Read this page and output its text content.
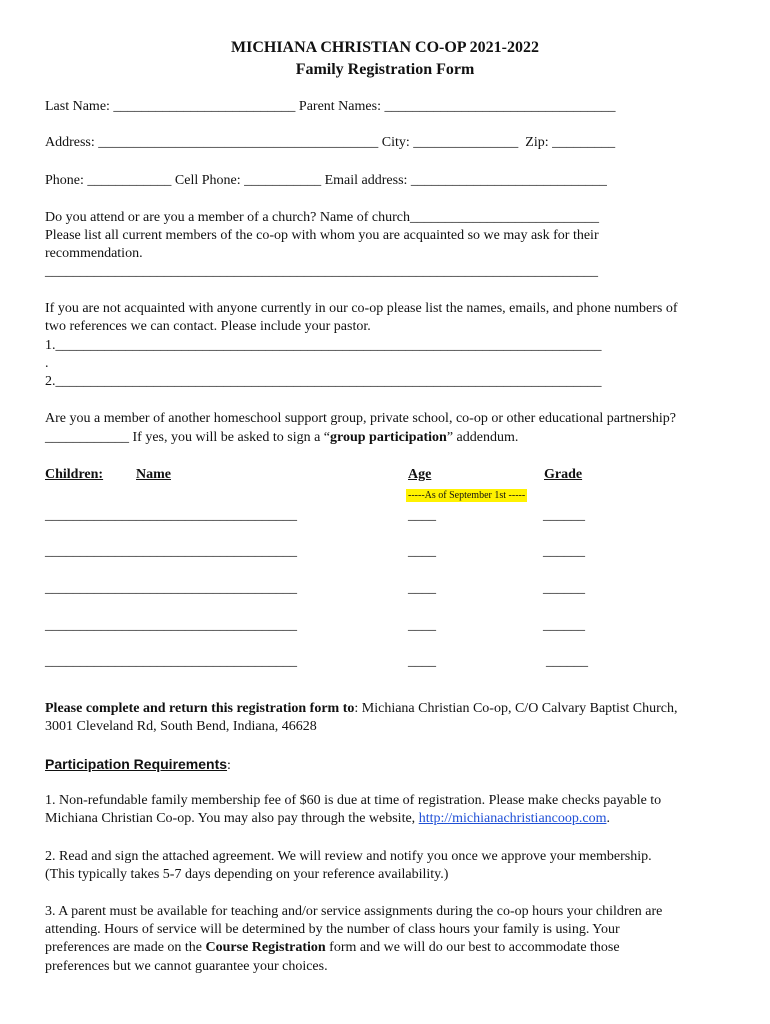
MICHIANA CHRISTIAN CO-OP 2021-2022
Family Registration Form
Last Name: __________________________ Parent Names: _________________________________
Address: ________________________________________ City: _______________  Zip: _________
Phone: ____________ Cell Phone: ___________ Email address: ____________________________
Do you attend or are you a member of a church? Name of church___________________________
Please list all current members of the co-op with whom you are acquainted so we may ask for their
recommendation.
_______________________________________________________________________________
If you are not acquainted with anyone currently in our co-op please list the names, emails, and phone numbers of
two references we can contact. Please include your pastor.
1.______________________________________________________________________________
.
2.______________________________________________________________________________
Are you a member of another homeschool support group, private school, co-op or other educational partnership?
____________ If yes, you will be asked to sign a “group participation” addendum.
Children: Name	Age	Grade
-----As of September 1st -----
____________________________________	____	______
____________________________________	____	______
____________________________________	____	______
____________________________________	____	______
____________________________________	____	______
Please complete and return this registration form to: Michiana Christian Co-op, C/O Calvary Baptist Church,
3001 Cleveland Rd, South Bend, Indiana, 46628
Participation Requirements:
1. Non-refundable family membership fee of $60 is due at time of registration. Please make checks payable to
Michiana Christian Co-op. You may also pay through the website, http://michianachristiancoop.com.
2. Read and sign the attached agreement. We will review and notify you once we approve your membership.
(This typically takes 5-7 days depending on your reference availability.)
3. A parent must be available for teaching and/or service assignments during the co-op hours your children are
attending. Hours of service will be determined by the number of class hours your family is using. Your
preferences are made on the Course Registration form and we will do our best to accommodate those
preferences but we cannot guarantee your choices.
